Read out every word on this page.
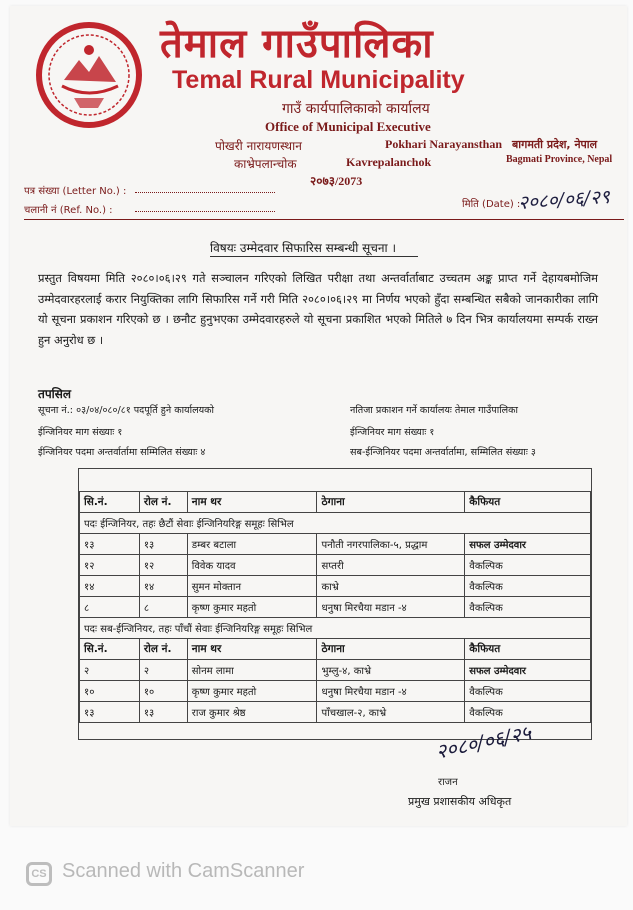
तेमाल गाउँपालिका
Temal Rural Municipality
गाउँ कार्यपालिकाको कार्यालय
Office of Municipal Executive
पोखरी नारायणस्थान	Pokhari Narayansthan
काभ्रेपलान्चोक	Kavrepalanchok
२०७३/2073
बागमती प्रदेश, नेपाल
Bagmati Province, Nepal
पत्र संख्या (Letter No.) :
चलानी नं (Ref. No.) :
मिति (Date) :
२०८०/०६/२९
विषयः उम्मेदवार सिफारिस सम्बन्धी सूचना ।
प्रस्तुत विषयमा मिति २०८०।०६।२९ गते सञ्चालन गरिएको लिखित परीक्षा तथा अन्तर्वार्ताबाट उच्चतम अङ्क प्राप्त गर्ने देहायबमोजिम उम्मेदवारहरलाई करार नियुक्तिका लागि सिफारिस गर्ने गरी मिति २०८०।०६।२९ मा निर्णय भएको हुँदा सम्बन्धित सबैको जानकारीका लागि यो सूचना प्रकाशन गरिएको छ । छनौट हुनुभएका उम्मेदवारहरुले यो सूचना प्रकाशित भएको मितिले ७ दिन भित्र कार्यालयमा सम्पर्क राख्न हुन अनुरोध छ ।
तपसिल
सूचना नं.: ०३/०४/०८०/८१ पदपूर्ति हुने कार्यालयको	नतिजा प्रकाशन गर्ने कार्यालयः तेमाल गाउँपालिका
ईन्जिनियर माग संख्याः १	ईन्जिनियर माग संख्याः १
ईन्जिनियर पदमा अन्तर्वार्तामा सम्मिलित संख्याः ४	सब-ईन्जिनियर पदमा अन्तर्वार्तामा, सम्मिलित संख्याः ३
सि.नं.	रोल नं.	नाम थर	ठेगाना	कैफियत
पदः ईन्जिनियर, तहः छैटौं सेवाः ईन्जिनियरिङ्ग समूहः सिभिल				
१३	१३	डम्बर बटाला	पनौती नगरपालिका-५, प्रद्धाम	सफल उम्मेदवार
१२	१२	विवेक यादव	सप्तरी	वैकल्पिक
१४	१४	सुमन मोक्तान	काभ्रे	वैकल्पिक
८	८	कृष्ण कुमार महतो	धनुषा मिरचैया मडान -४	वैकल्पिक
पदः सब-ईन्जिनियर, तहः पाँचौं सेवाः ईन्जिनियरिङ्ग समूहः सिभिल				
सि.नं.	रोल नं.	नाम थर	ठेगाना	कैफियत
२	२	सोनम लामा	भुम्लु-४, काभ्रे	सफल उम्मेदवार
१०	१०	कृष्ण कुमार महतो	धनुषा मिरचैया मडान -४	वैकल्पिक
१३	१३	राज कुमार श्रेष्ठ	पाँचखाल-२, काभ्रे	वैकल्पिक
२०८०/०६/२५
राजन
प्रमुख प्रशासकीय अधिकृत
CS Scanned with CamScanner
